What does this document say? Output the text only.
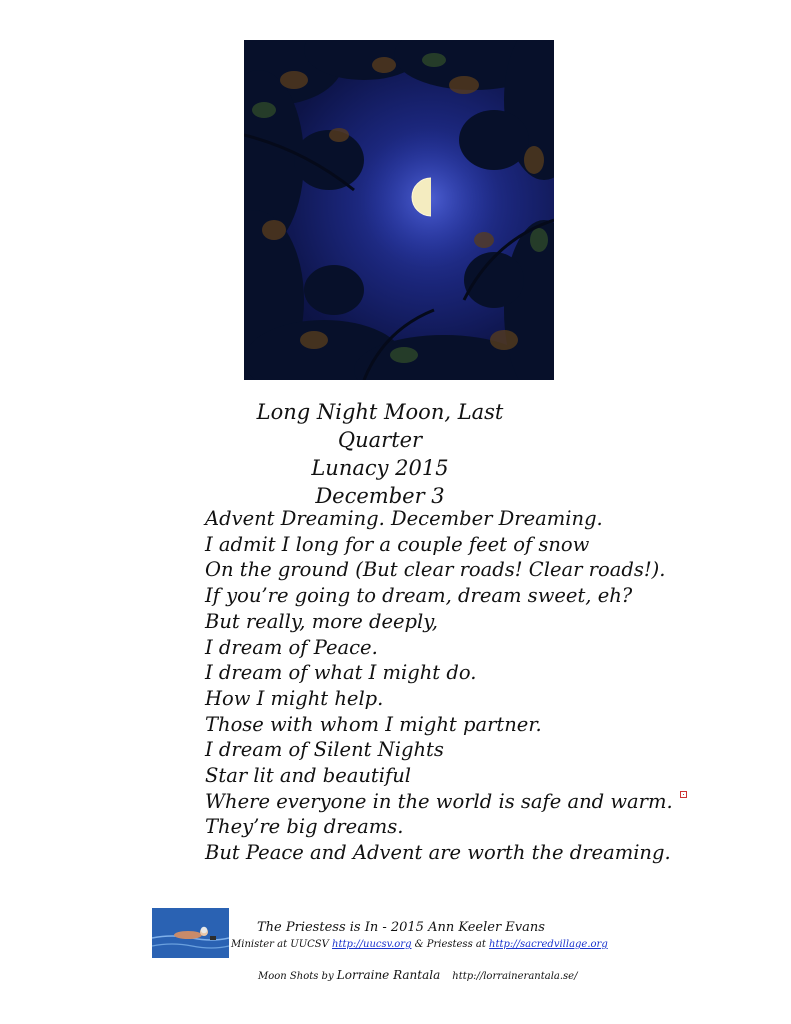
Long Night Moon, Last Quarter
Lunacy 2015
December 3
Advent Dreaming. December Dreaming.
I admit I long for a couple feet of snow
On the ground (But clear roads! Clear roads!).
If you’re going to dream, dream sweet, eh?
But really, more deeply,
I dream of Peace.
I dream of what I might do.
How I might help.
Those with whom I might partner.
I dream of Silent Nights
Star lit and beautiful
Where everyone in the world is safe and warm.
They’re big dreams.
But Peace and Advent are worth the dreaming.
The Priestess is In - 2015 Ann Keeler Evans
Minister at UUCSV http://uucsv.org & Priestess at http://sacredvillage.org
Moon Shots by Lorraine Rantala http://lorrainerantala.se/
